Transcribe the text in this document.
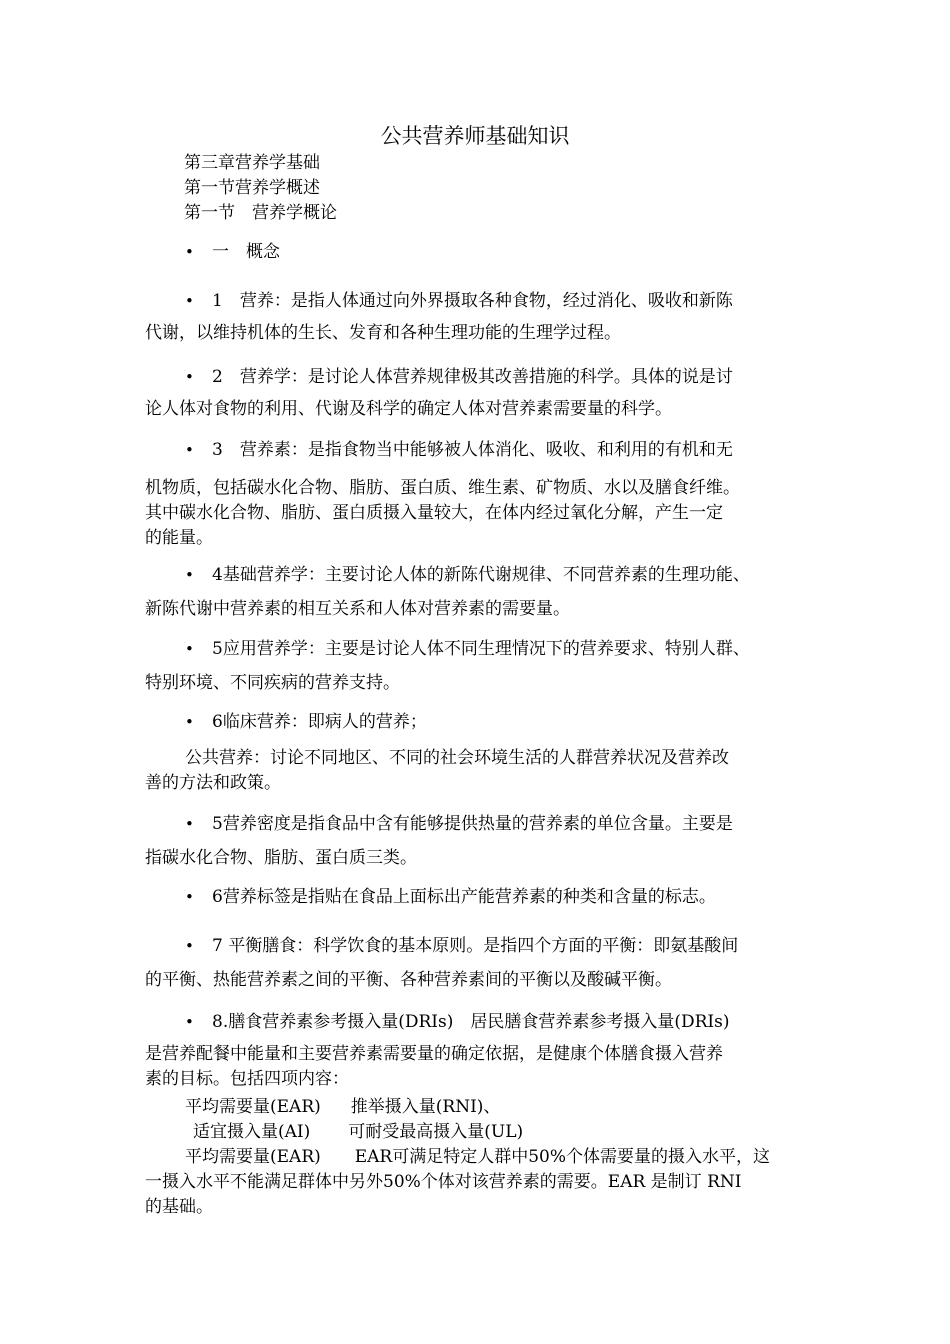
公共营养师基础知识
第三章营养学基础
第一节营养学概述
第一节　营养学概论
• 一　概念
• 1　营养：是指人体通过向外界摄取各种食物，经过消化、吸收和新陈
代谢，以维持机体的生长、发育和各种生理功能的生理学过程。
• 2　营养学：是讨论人体营养规律极其改善措施的科学。具体的说是讨
论人体对食物的利用、代谢及科学的确定人体对营养素需要量的科学。
• 3　营养素：是指食物当中能够被人体消化、吸收、和利用的有机和无
机物质，包括碳水化合物、脂肪、蛋白质、维生素、矿物质、水以及膳食纤维。
其中碳水化合物、脂肪、蛋白质摄入量较大，在体内经过氧化分解，产生一定
的能量。
• 4基础营养学：主要讨论人体的新陈代谢规律、不同营养素的生理功能、
新陈代谢中营养素的相互关系和人体对营养素的需要量。
• 5应用营养学：主要是讨论人体不同生理情况下的营养要求、特别人群、
特别环境、不同疾病的营养支持。
• 6临床营养：即病人的营养；
公共营养：讨论不同地区、不同的社会环境生活的人群营养状况及营养改
善的方法和政策。
• 5营养密度是指食品中含有能够提供热量的营养素的单位含量。主要是
指碳水化合物、脂肪、蛋白质三类。
• 6营养标签是指贴在食品上面标出产能营养素的种类和含量的标志。
• 7 平衡膳食：科学饮食的基本原则。是指四个方面的平衡：即氨基酸间
的平衡、热能营养素之间的平衡、各种营养素间的平衡以及酸碱平衡。
• 8.膳食营养素参考摄入量(DRIs)　居民膳食营养素参考摄入量(DRIs)
是营养配餐中能量和主要营养素需要量的确定依据，是健康个体膳食摄入营养
素的目标。包括四项内容：
平均需要量(EAR) 推举摄入量(RNI)、
适宜摄入量(AI) 可耐受最高摄入量(UL)
平均需要量(EAR)　　EAR可满足特定人群中50%个体需要量的摄入水平，这
一摄入水平不能满足群体中另外50%个体对该营养素的需要。EAR 是制订 RNI
的基础。
